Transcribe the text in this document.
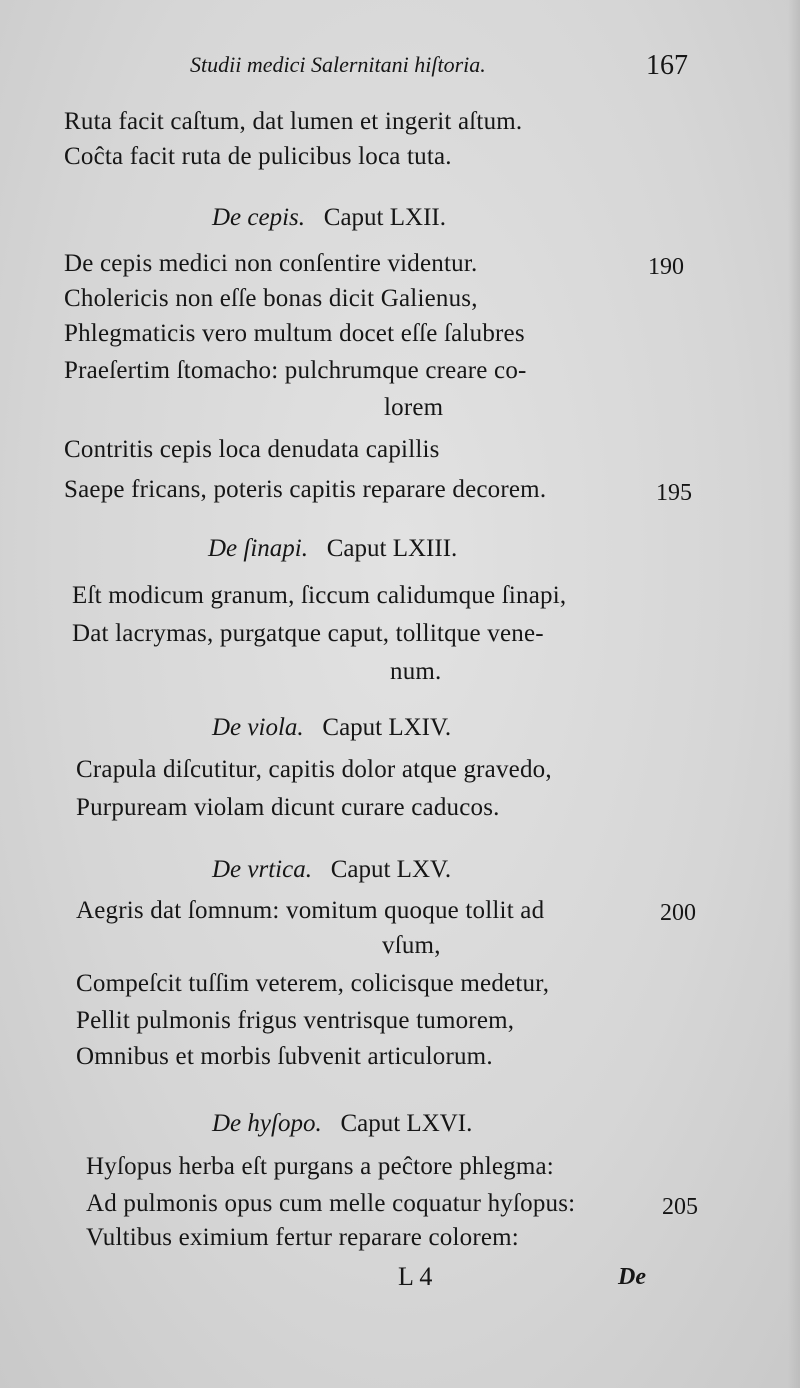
Studii medici Salernitani hiſtoria.	167
Ruta facit caſtum, dat lumen et ingerit aſtum.
Coĉta facit ruta de pulicibus loca tuta.
De cepis. Caput LXII.
De cepis medici non conſentire videntur.	190
Cholericis non eſſe bonas dicit Galienus,
Phlegmaticis vero multum docet eſſe ſalubres
Praeſertim ſtomacho: pulchrumque creare co-
lorem
Contritis cepis loca denudata capillis
Saepe fricans, poteris capitis reparare decorem.	195
De ſinapi. Caput LXIII.
Eſt modicum granum, ſiccum calidumque ſinapi,
Dat lacrymas, purgatque caput, tollitque vene-
num.
De viola. Caput LXIV.
Crapula diſcutitur, capitis dolor atque gravedo,
Purpuream violam dicunt curare caducos.
De vrtica. Caput LXV.
Aegris dat ſomnum: vomitum quoque tollit ad	200
vſum,
Compeſcit tuſſim veterem, colicisque medetur,
Pellit pulmonis frigus ventrisque tumorem,
Omnibus et morbis ſubvenit articulorum.
De hyſopo. Caput LXVI.
Hyſopus herba eſt purgans a peĉtore phlegma:
Ad pulmonis opus cum melle coquatur hyſopus:	205
Vultibus eximium fertur reparare colorem:
L 4	De
